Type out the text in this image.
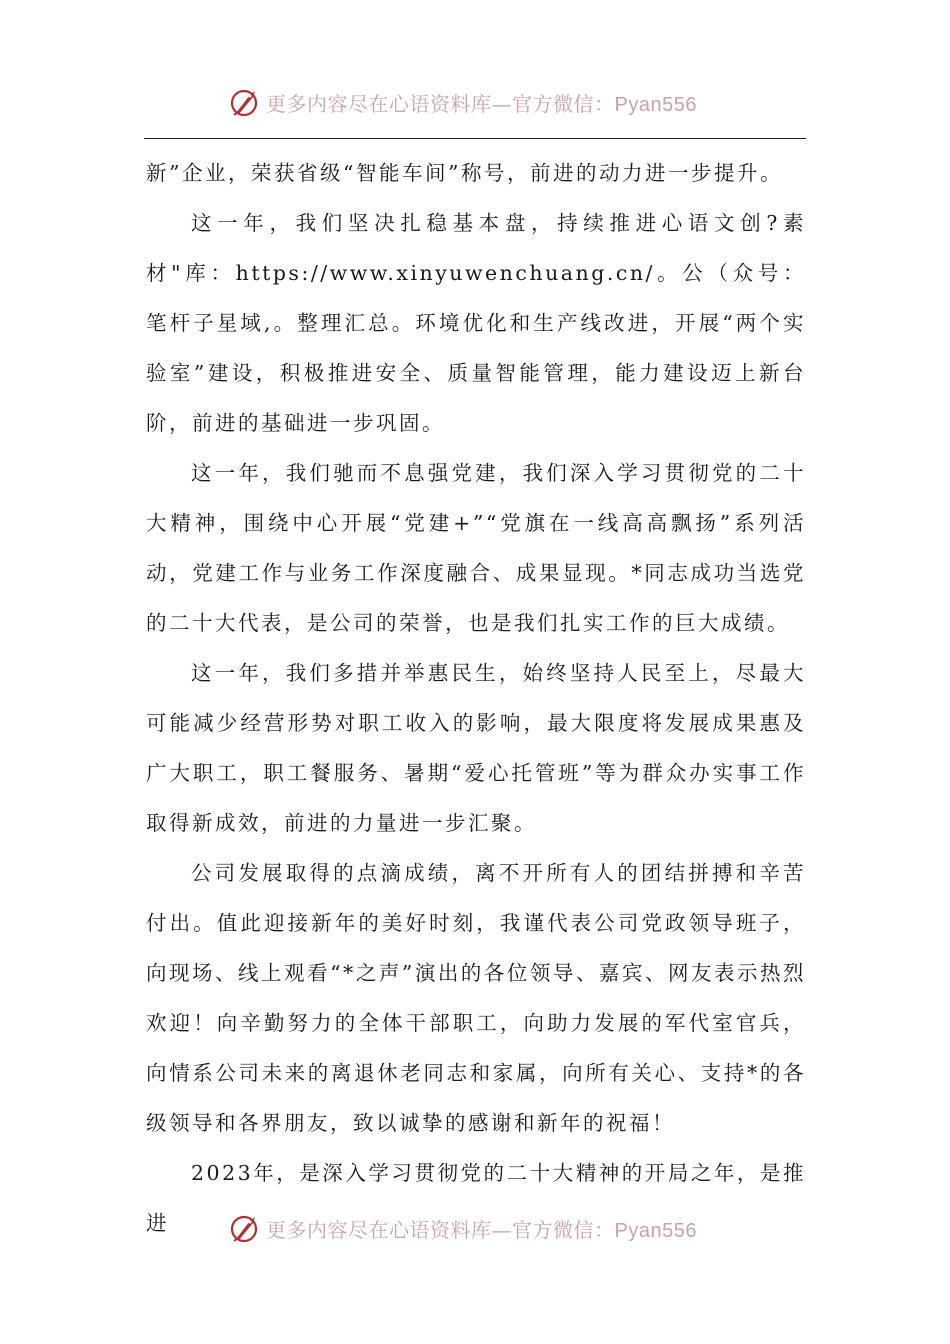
更多内容尽在心语资料库—官方微信：Pyan556

新”企业，荣获省级“智能车间”称号，前进的动力进一步提升。

这一年，我们坚决扎稳基本盘，持续推进心语文创?素材"库：https://www.xinyuwenchuang.cn/。公（众号：笔杆子星域,。整理汇总。环境优化和生产线改进，开展“两个实验室”建设，积极推进安全、质量智能管理，能力建设迈上新台阶，前进的基础进一步巩固。

这一年，我们驰而不息强党建，我们深入学习贯彻党的二十大精神，围绕中心开展“党建+”“党旗在一线高高飘扬”系列活动，党建工作与业务工作深度融合、成果显现。*同志成功当选党的二十大代表，是公司的荣誉，也是我们扎实工作的巨大成绩。

这一年，我们多措并举惠民生，始终坚持人民至上，尽最大可能减少经营形势对职工收入的影响，最大限度将发展成果惠及广大职工，职工餐服务、暑期“爱心托管班”等为群众办实事工作取得新成效，前进的力量进一步汇聚。

公司发展取得的点滴成绩，离不开所有人的团结拼搏和辛苦付出。值此迎接新年的美好时刻，我谨代表公司党政领导班子，向现场、线上观看“*之声”演出的各位领导、嘉宾、网友表示热烈欢迎！向辛勤努力的全体干部职工，向助力发展的军代室官兵，向情系公司未来的离退休老同志和家属，向所有关心、支持*的各级领导和各界朋友，致以诚挚的感谢和新年的祝福！

2023年，是深入学习贯彻党的二十大精神的开局之年，是推进	更多内容尽在心语资料库—官方微信：Pyan556
